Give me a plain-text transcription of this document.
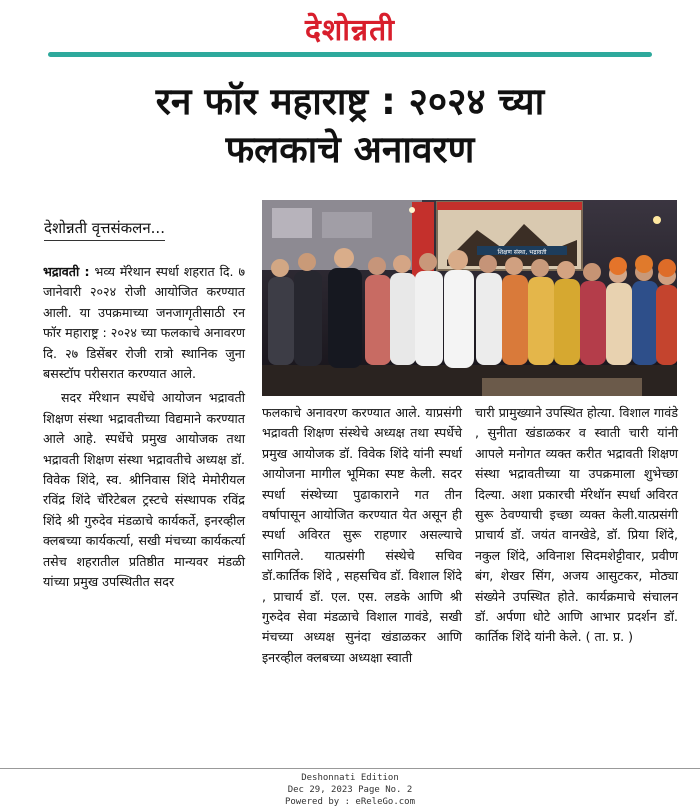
देशोन्नती
रन फॉर महाराष्ट्र : २०२४ च्या
फलकाचे अनावरण
देशोन्नती वृत्तसंकलन...
शिक्षण संस्था, भद्रावती

भद्रावती : भव्य मॅरेथान स्पर्धा शहरात दि. ७ जानेवारी २०२४ रोजी आयोजित करण्यात आली. या उपक्रमाच्या जनजागृतीसाठी रन फॉर महाराष्ट्र : २०२४ च्या फलकाचे अनावरण दि. २७ डिसेंबर रोजी रात्रो स्थानिक जुना बसस्टॉप परीसरात करण्यात आले.

सदर मॅरेथान स्पर्धेचे आयोजन भद्रावती शिक्षण संस्था भद्रावतीच्या विद्यमाने करण्यात आले आहे. स्पर्धेचे प्रमुख आयोजक तथा भद्रावती शिक्षण संस्था भद्रावतीचे अध्यक्ष डॉ. विवेक शिंदे, स्व. श्रीनिवास शिंदे मेमोरीयल रविंद्र शिंदे चॅरिटेबल ट्रस्टचे संस्थापक रविंद्र शिंदे श्री गुरुदेव मंडळाचे कार्यकर्ते, इनरव्हील क्लबच्या कार्यकर्त्या, सखी मंचच्या कार्यकर्त्या तसेच शहरातील प्रतिष्ठीत मान्यवर मंडळी यांच्या प्रमुख उपस्थितीत सदर

फलकाचे अनावरण करण्यात आले. याप्रसंगी भद्रावती शिक्षण संस्थेचे अध्यक्ष तथा स्पर्धेचे प्रमुख आयोजक डॉ. विवेक शिंदे यांनी स्पर्धा आयोजना मागील भूमिका स्पष्ट केली. सदर स्पर्धा संस्थेच्या पुढाकाराने गत तीन वर्षापासून आयोजित करण्यात येत असून ही स्पर्धा अविरत सुरू राहणार असल्याचे सागितले. यात्प्रसंगी संस्थेचे सचिव डॉ.कार्तिक शिंदे , सहसचिव डॉ. विशाल शिंदे , प्राचार्य डॉ. एल. एस. लडके आणि श्री गुरुदेव सेवा मंडळाचे विशाल गावंडे, सखी मंचच्या अध्यक्ष सुनंदा खंडाळकर आणि इनरव्हील क्लबच्या अध्यक्षा स्वाती

चारी प्रामुख्याने उपस्थित होत्या. विशाल गावंडे , सुनीता खंडाळकर व स्वाती चारी यांनी आपले मनोगत व्यक्त करीत भद्रावती शिक्षण संस्था भद्रावतीच्या या उपक्रमाला शुभेच्छा दिल्या. अशा प्रकारची मॅरेथॉन स्पर्धा अविरत सुरू ठेवण्याची इच्छा व्यक्त केली.यात्प्रसंगी प्राचार्य डॉ. जयंत वानखेडे, डॉ. प्रिया शिंदे, नकुल शिंदे, अविनाश सिदमशेट्टीवार, प्रवीण बंग, शेखर सिंग, अजय आसुटकर, मोठ्या संख्येने उपस्थित होते. कार्यक्रमाचे संचालन डॉ. अर्पणा धोटे आणि आभार प्रदर्शन डॉ. कार्तिक शिंदे यांनी केले. ( ता. प्र. )

Deshonnati Edition
Dec 29, 2023 Page No. 2
Powered by : eReleGo.com
